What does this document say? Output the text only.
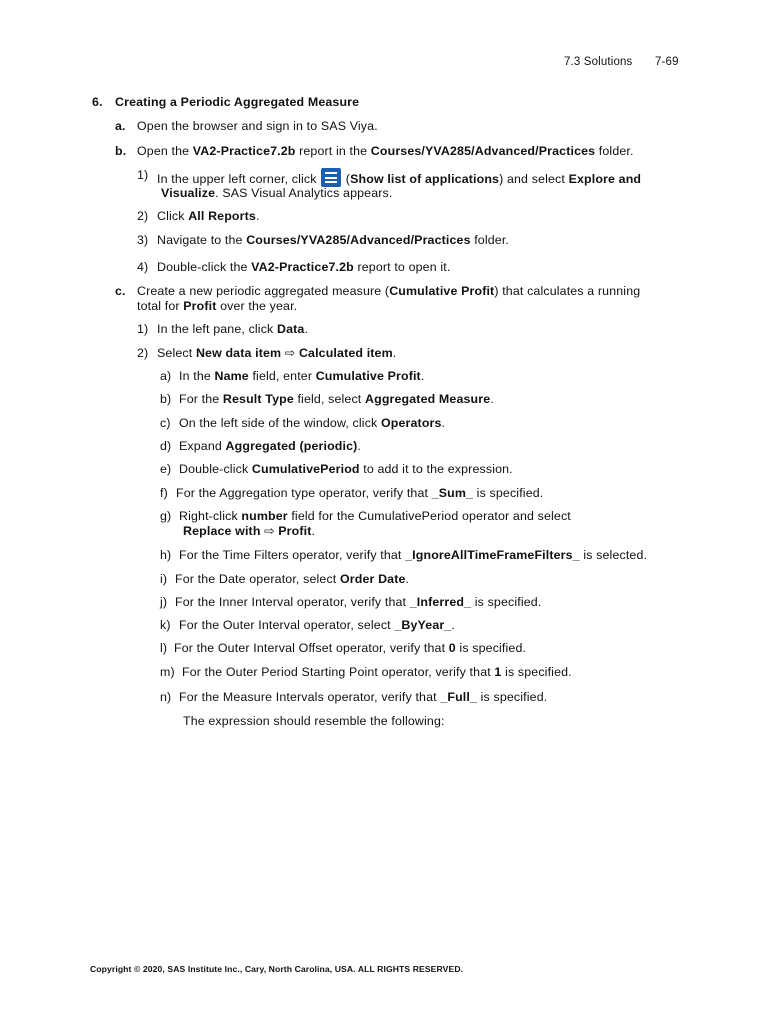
7.3 Solutions 7-69
6. Creating a Periodic Aggregated Measure
a. Open the browser and sign in to SAS Viya.
b. Open the VA2-Practice7.2b report in the Courses/YVA285/Advanced/Practices folder.
1) In the upper left corner, click
(Show list of applications) and select Explore and
Visualize. SAS Visual Analytics appears.
2) Click All Reports.
3) Navigate to the Courses/YVA285/Advanced/Practices folder.
4) Double-click the VA2-Practice7.2b report to open it.
c. Create a new periodic aggregated measure (Cumulative Profit) that calculates a running
total for Profit over the year.
1) In the left pane, click Data.
2) Select New data item ⇨ Calculated item.
a) In the Name field, enter Cumulative Profit.
b) For the Result Type field, select Aggregated Measure.
c) On the left side of the window, click Operators.
d) Expand Aggregated (periodic).
e) Double-click CumulativePeriod to add it to the expression.
f) For the Aggregation type operator, verify that _Sum_ is specified.
g) Right-click number field for the CumulativePeriod operator and select
Replace with ⇨ Profit.
h) For the Time Filters operator, verify that _IgnoreAllTimeFrameFilters_ is selected.
i) For the Date operator, select Order Date.
j) For the Inner Interval operator, verify that _Inferred_ is specified.
k) For the Outer Interval operator, select _ByYear_.
l) For the Outer Interval Offset operator, verify that 0 is specified.
m) For the Outer Period Starting Point operator, verify that 1 is specified.
n) For the Measure Intervals operator, verify that _Full_ is specified.
The expression should resemble the following:
Copyright © 2020, SAS Institute Inc., Cary, North Carolina, USA. ALL RIGHTS RESERVED.
